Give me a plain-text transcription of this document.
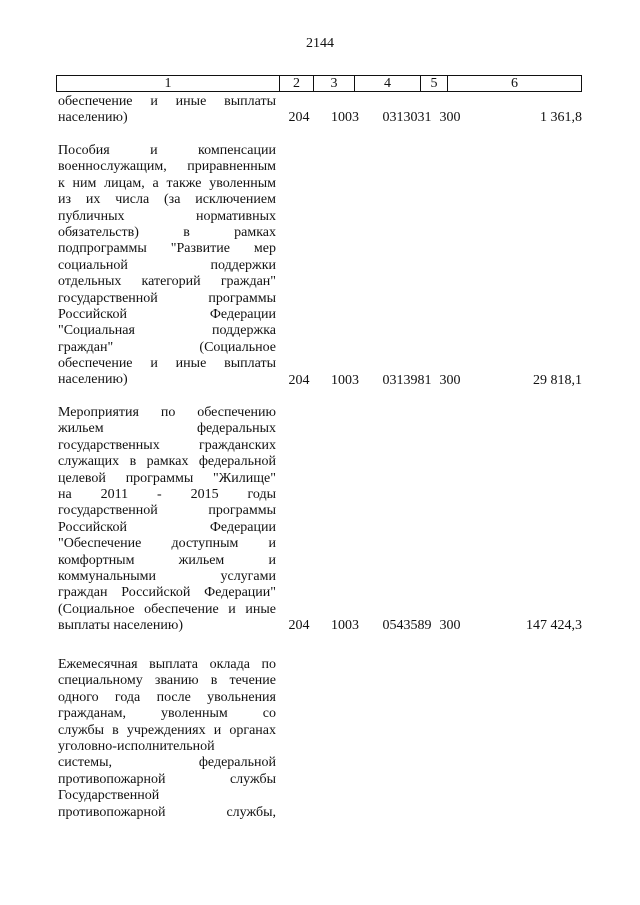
2144
1	2	3	4	5	6
обеспечение и иные выплаты
населению)	204	1003	0313031 300	1 361,8
Пособия и компенсации
военнослужащим, приравненным
к ним лицам, а также уволенным
из их числа (за исключением
публичных нормативных
обязательств) в рамках
подпрограммы "Развитие мер
социальной поддержки
отдельных категорий граждан"
государственной программы
Российской Федерации
"Социальная поддержка
граждан" (Социальное
обеспечение и иные выплаты
населению)	204	1003	0313981 300	29 818,1
Мероприятия по обеспечению
жильем федеральных
государственных гражданских
служащих в рамках федеральной
целевой программы "Жилище"
на 2011 - 2015 годы
государственной программы
Российской Федерации
"Обеспечение доступным и
комфортным жильем и
коммунальными услугами
граждан Российской Федерации"
(Социальное обеспечение и иные
выплаты населению)	204	1003	0543589 300	147 424,3
Ежемесячная выплата оклада по
специальному званию в течение
одного года после увольнения
гражданам, уволенным со
службы в учреждениях и органах
уголовно-исполнительной
системы, федеральной
противопожарной службы
Государственной
противопожарной службы,
